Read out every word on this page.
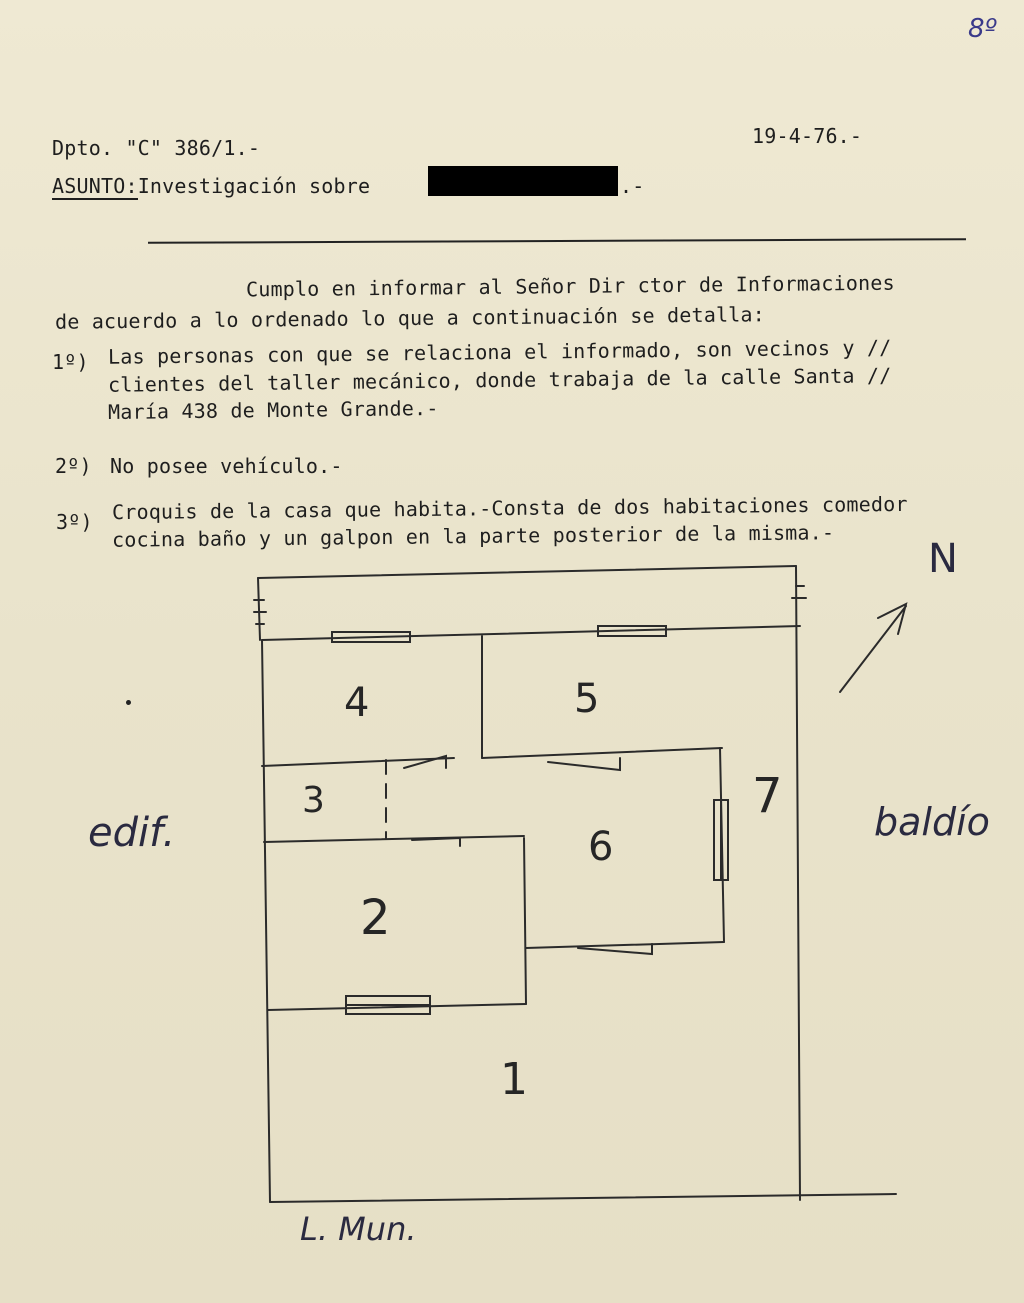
8º
Dpto. "C" 386/1.-	19-4-76.-
ASUNTO:Investigación sobre	.-
Cumplo en informar al Señor Dir ctor de Informaciones
de acuerdo a lo ordenado lo que a continuación se detalla:
1º) Las personas con que se relaciona el informado, son vecinos y //
clientes del taller mecánico, donde trabaja de la calle Santa //
María 438 de Monte Grande.-
2º) No posee vehículo.-
3º) Croquis de la casa que habita.-Consta de dos habitaciones comedor
cocina baño y un galpon en la parte posterior de la misma.-
4	5
3
6
7
2
1
N
edif.	baldío
L. Mun.
